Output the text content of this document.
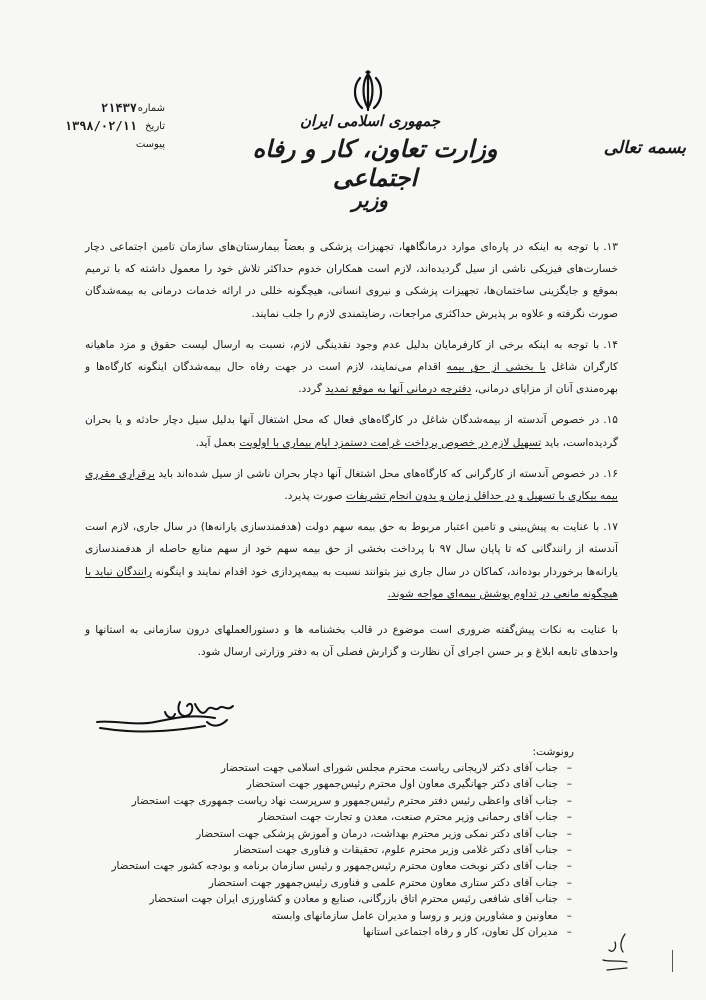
جمهوری اسلامی ایران
وزارت تعاون، کار و رفاه اجتماعی
وزیر
بسمه تعالی
شماره
۲۱۴۳۷
تاریخ
۱۳۹۸/۰۲/۱۱
پیوست

۱۳.با توجه به اینکه در پاره‌ای موارد درمانگاهها، تجهیزات پزشکی و بعضاً بیمارستان‌های سازمان تامین اجتماعی دچار خسارت‌های فیزیکی ناشی از سیل گردیده‌اند، لازم است همکاران خدوم حداکثر تلاش خود را معمول داشته که با ترمیم بموقع و جایگزینی ساختمان‌ها، تجهیزات پزشکی و نیروی انسانی، هیچگونه خللی در ارائه خدمات درمانی به بیمه‌شدگان صورت نگرفته و علاوه بر پذیرش حداکثری مراجعات، رضایتمندی لازم را جلب نمایند.

۱۴.با توجه به اینکه برخی از کارفرمایان بدلیل عدم وجود نقدینگی لازم، نسبت به ارسال لیست حقوق و مزد ماهیانه کارگران شاغل با بخشی از حق بیمه اقدام می‌نمایند، لازم است در جهت رفاه حال بیمه‌شدگان اینگونه کارگاه‌ها و بهره‌مندی آنان از مزایای درمانی، دفترچه درمانی آنها به موقع تمدید گردد.

۱۵.در خصوص آندسته از بیمه‌شدگان شاغل در کارگاه‌های فعال که محل اشتغال آنها بدلیل سیل دچار حادثه و یا بحران گردیده‌است، باید تسهیل لازم در خصوص پرداخت غرامت دستمزد ایام بیماری با اولویت بعمل آید.

۱۶.در خصوص آندسته از کارگرانی که کارگاه‌های محل اشتغال آنها دچار بحران ناشی از سیل شده‌اند باید برقراری مقرری بیمه بیکاری با تسهیل و در حداقل زمان و بدون انجام تشریفات صورت پذیرد.

۱۷.با عنایت به پیش‌بینی و تامین اعتبار مربوط به حق بیمه سهم دولت (هدفمندسازی یارانه‌ها) در سال جاری، لازم است آندسته از رانندگانی که تا پایان سال ۹۷ با پرداخت بخشی از حق بیمه سهم خود از سهم منابع حاصله از هدفمندسازی یارانه‌ها برخوردار بوده‌اند، کماکان در سال جاری نیز بتوانند نسبت به بیمه‌پردازی خود اقدام نمایند و اینگونه رانندگان نباید با هیچگونه مانعی در تداوم پوشش بیمه‌ای مواجه شوند.

با عنایت به نکات پیش‌گفته ضروری است موضوع در قالب بخشنامه ها و دستورالعملهای درون سازمانی به استانها و واحدهای تابعه ابلاغ و بر حسن اجرای آن نظارت و گزارش فصلی آن به دفتر وزارتی ارسال شود.

رونوشت:
– جناب آقای دکتر لاریجانی ریاست محترم مجلس شورای اسلامی جهت استحضار
– جناب آقای دکتر جهانگیری معاون اول محترم رئیس‌جمهور جهت استحضار
– جناب آقای واعظی رئیس دفتر محترم رئیس‌جمهور و سرپرست نهاد ریاست جمهوری جهت استحضار
– جناب آقای رحمانی وزیر محترم صنعت، معدن و تجارت جهت استحضار
– جناب آقای دکتر نمکی وزیر محترم بهداشت، درمان و آموزش پزشکی جهت استحضار
– جناب آقای دکتر غلامی وزیر محترم علوم، تحقیقات و فناوری جهت استحضار
– جناب آقای دکتر نوبخت معاون محترم رئیس‌جمهور و رئیس سازمان برنامه و بودجه کشور جهت استحضار
– جناب آقای دکتر ستاری معاون محترم علمی و فناوری رئیس‌جمهور جهت استحضار
– جناب آقای شافعی رئیس محترم اتاق بازرگانی، صنایع و معادن و کشاورزی ایران جهت استحضار
– معاونین و مشاورین وزیر و روسا و مدیران عامل سازمانهای وابسته
– مدیران کل تعاون، کار و رفاه اجتماعی استانها
